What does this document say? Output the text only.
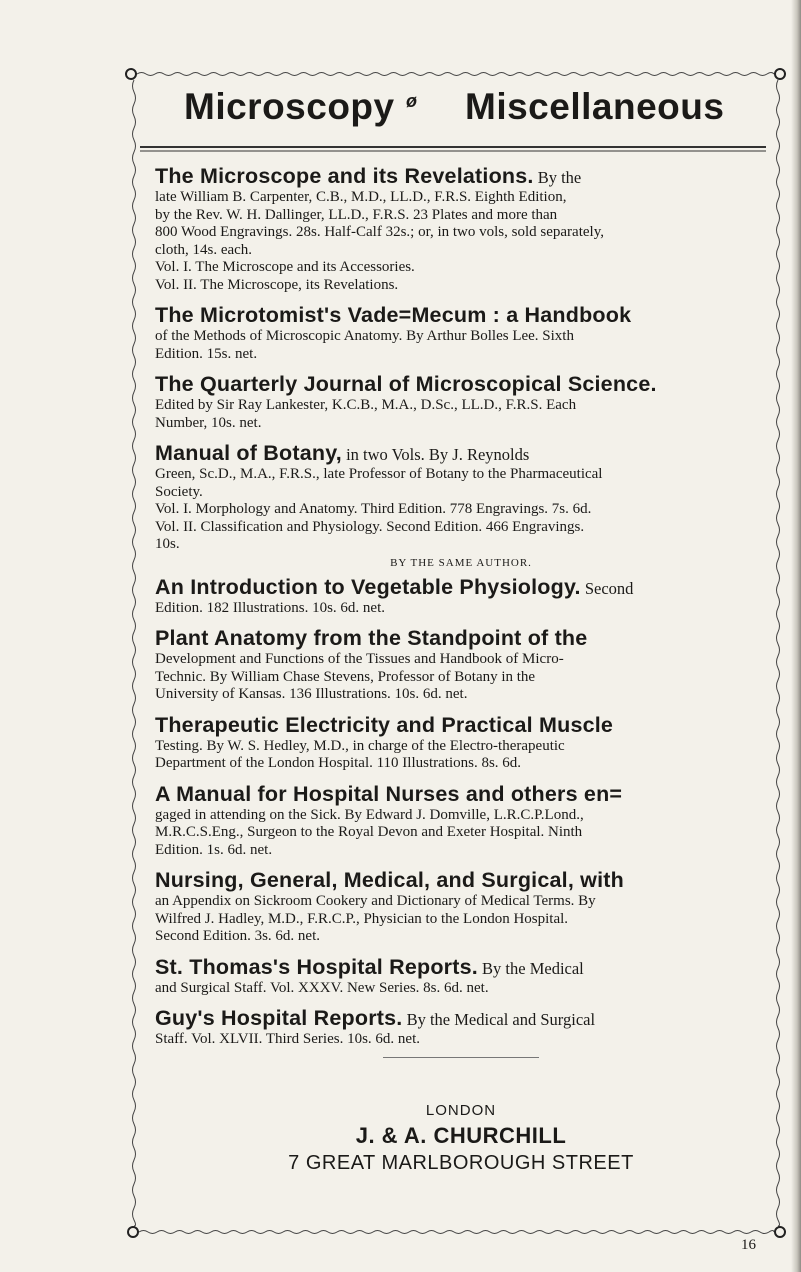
Microscopy ø Miscellaneous
The Microscope and its Revelations. By the
late William B. Carpenter, C.B., M.D., LL.D., F.R.S. Eighth Edition,
by the Rev. W. H. Dallinger, LL.D., F.R.S. 23 Plates and more than
800 Wood Engravings. 28s. Half-Calf 32s.; or, in two vols, sold separately,
cloth, 14s. each.
Vol. I. The Microscope and its Accessories.
Vol. II. The Microscope, its Revelations.
The Microtomist's Vade=Mecum : a Handbook
of the Methods of Microscopic Anatomy. By Arthur Bolles Lee. Sixth
Edition. 15s. net.
The Quarterly Journal of Microscopical Science.
Edited by Sir Ray Lankester, K.C.B., M.A., D.Sc., LL.D., F.R.S. Each
Number, 10s. net.
Manual of Botany, in two Vols. By J. Reynolds
Green, Sc.D., M.A., F.R.S., late Professor of Botany to the Pharmaceutical
Society.
Vol. I. Morphology and Anatomy. Third Edition. 778 Engravings. 7s. 6d.
Vol. II. Classification and Physiology. Second Edition. 466 Engravings.
10s.
BY THE SAME AUTHOR.
An Introduction to Vegetable Physiology. Second
Edition. 182 Illustrations. 10s. 6d. net.
Plant Anatomy from the Standpoint of the
Development and Functions of the Tissues and Handbook of Micro-
Technic. By William Chase Stevens, Professor of Botany in the
University of Kansas. 136 Illustrations. 10s. 6d. net.
Therapeutic Electricity and Practical Muscle
Testing. By W. S. Hedley, M.D., in charge of the Electro-therapeutic
Department of the London Hospital. 110 Illustrations. 8s. 6d.
A Manual for Hospital Nurses and others en=
gaged in attending on the Sick. By Edward J. Domville, L.R.C.P.Lond.,
M.R.C.S.Eng., Surgeon to the Royal Devon and Exeter Hospital. Ninth
Edition. 1s. 6d. net.
Nursing, General, Medical, and Surgical, with
an Appendix on Sickroom Cookery and Dictionary of Medical Terms. By
Wilfred J. Hadley, M.D., F.R.C.P., Physician to the London Hospital.
Second Edition. 3s. 6d. net.
St. Thomas's Hospital Reports. By the Medical
and Surgical Staff. Vol. XXXV. New Series. 8s. 6d. net.
Guy's Hospital Reports. By the Medical and Surgical
Staff. Vol. XLVII. Third Series. 10s. 6d. net.
LONDON
J. & A. CHURCHILL
7 GREAT MARLBOROUGH STREET
16
